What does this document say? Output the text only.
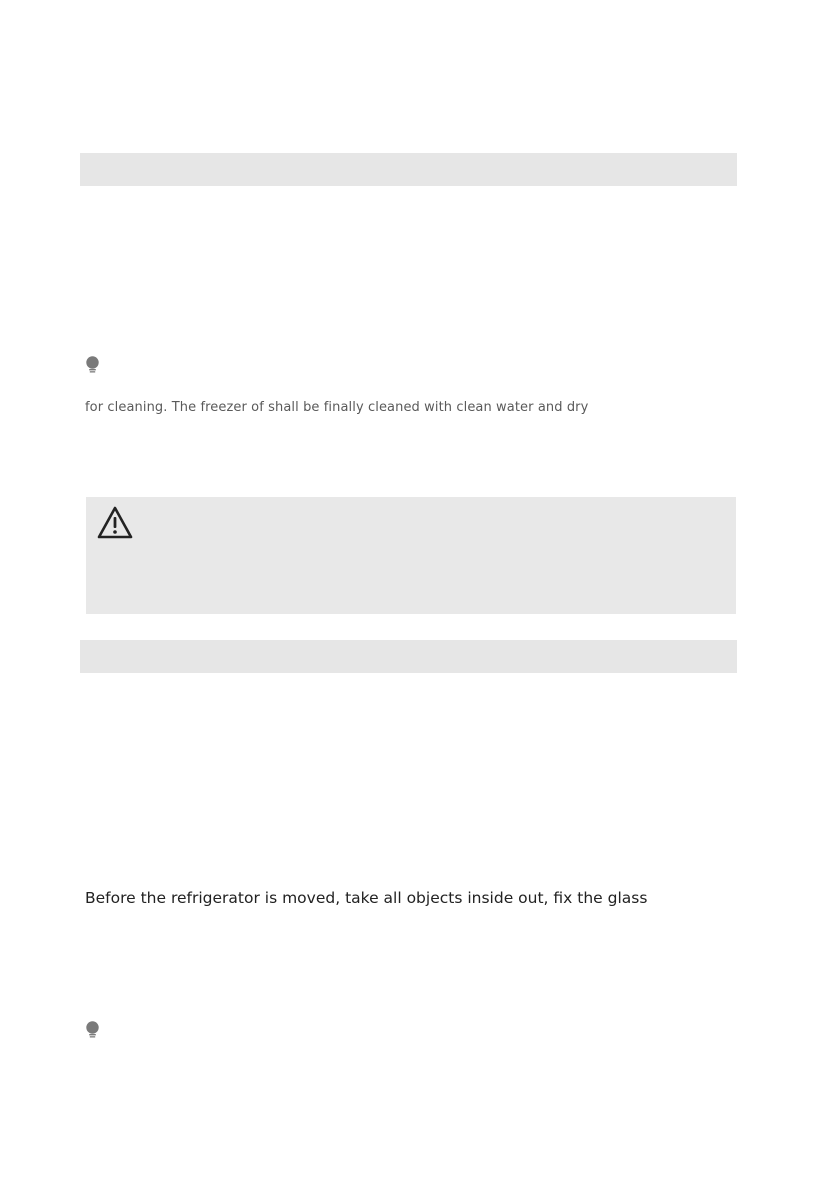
for cleaning. The freezer of shall be finally cleaned with clean water and dry
Before the refrigerator is moved, take all objects inside out, fix the glass
